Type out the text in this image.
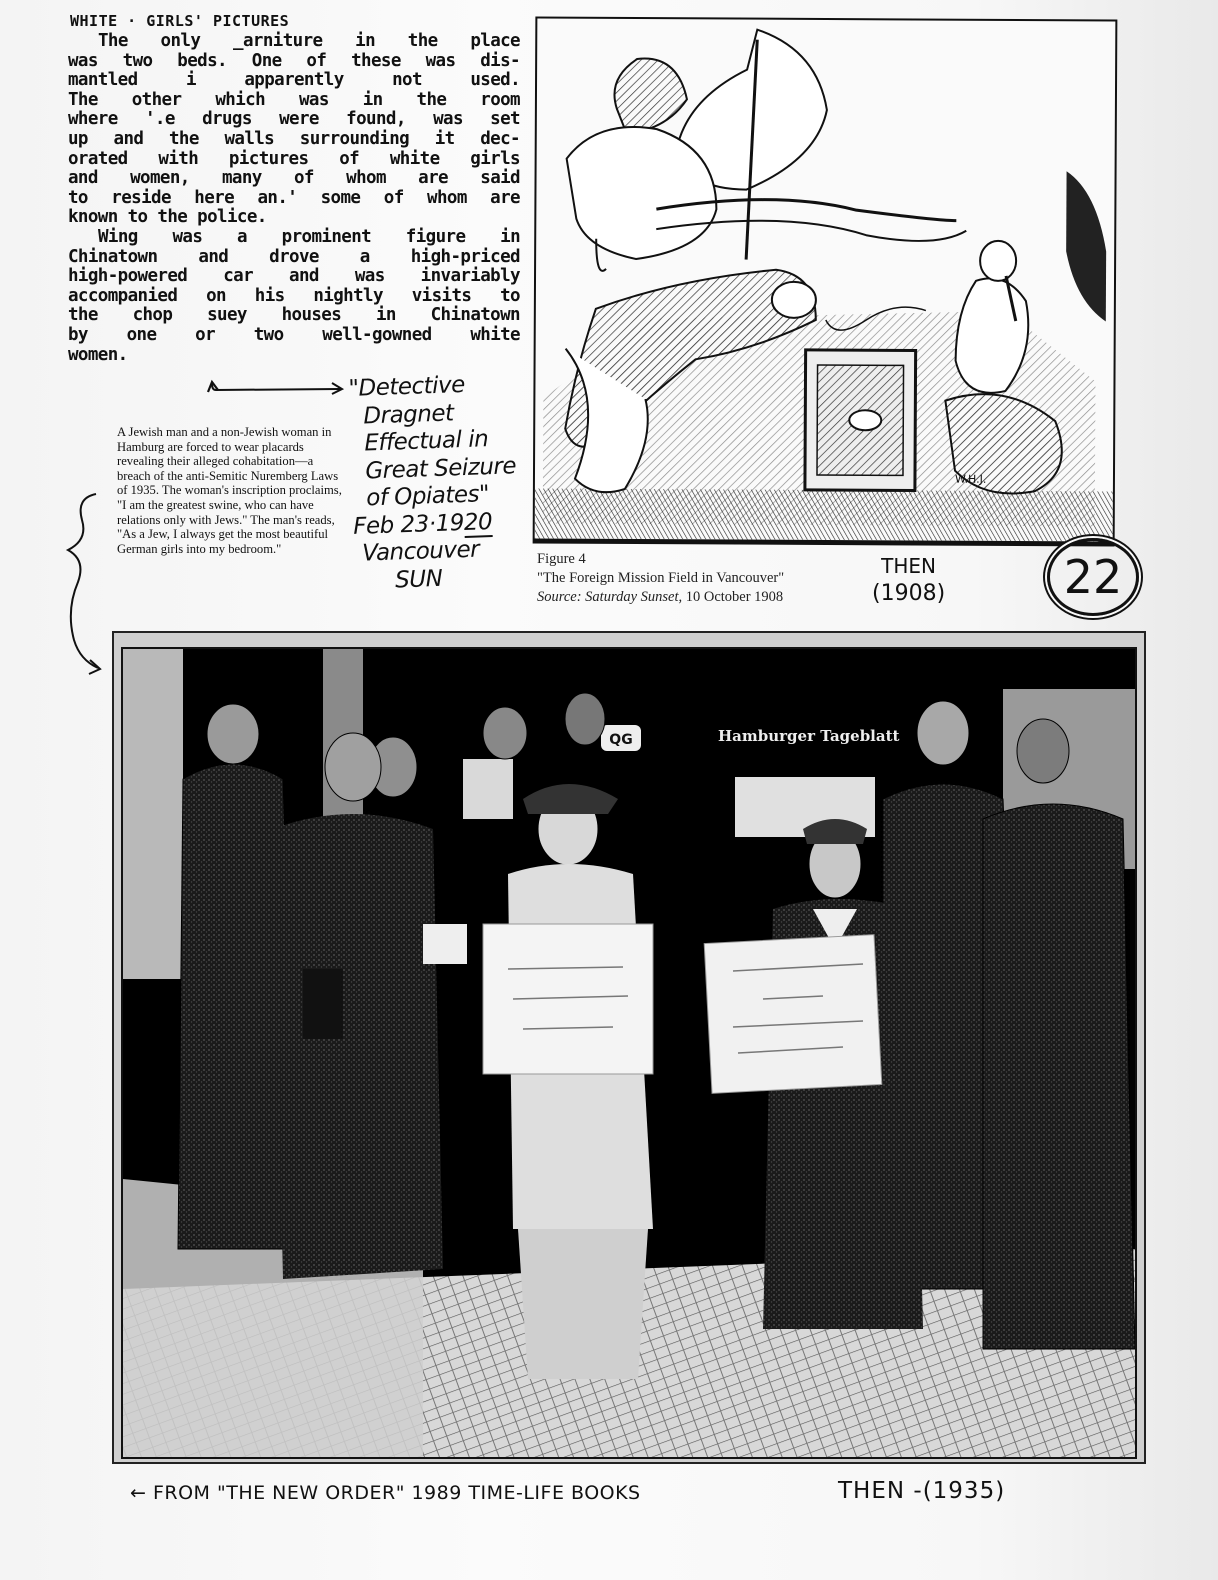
WHITE · GIRLS' PICTURES
The only _arniture in the place
was two beds. One of these was dis-
mantled i apparently not used.
The other which was in the room
where '.e drugs were found, was set
up and the walls surrounding it dec-
orated with pictures of white girls
and women, many of whom are said
to reside here an.' some of whom are
known to the police.
Wing was a prominent figure in
Chinatown and drove a high-priced
high-powered car and was invariably
accompanied on his nightly visits to
the chop suey houses in Chinatown
by one or two well-gowned white
women.
"Detective
Dragnet
Effectual in
Great Seizure
of Opiates"
Feb 23·1920
Vancouver
SUN
A Jewish man and a non-Jewish woman in Hamburg are forced to wear placards revealing their alleged cohabitation—a breach of the anti-Semitic Nuremberg Laws of 1935. The woman's inscription proclaims, "I am the greatest swine, who can have relations only with Jews." The man's reads, "As a Jew, I always get the most beautiful German girls into my bedroom."
W.H.J.
Figure 4
"The Foreign Mission Field in Vancouver"
Source: Saturday Sunset, 10 October 1908
THEN
(1908)	22
QG	Hamburger Tageblatt
← FROM "THE NEW ORDER" 1989 TIME-LIFE BOOKS	THEN -(1935)
